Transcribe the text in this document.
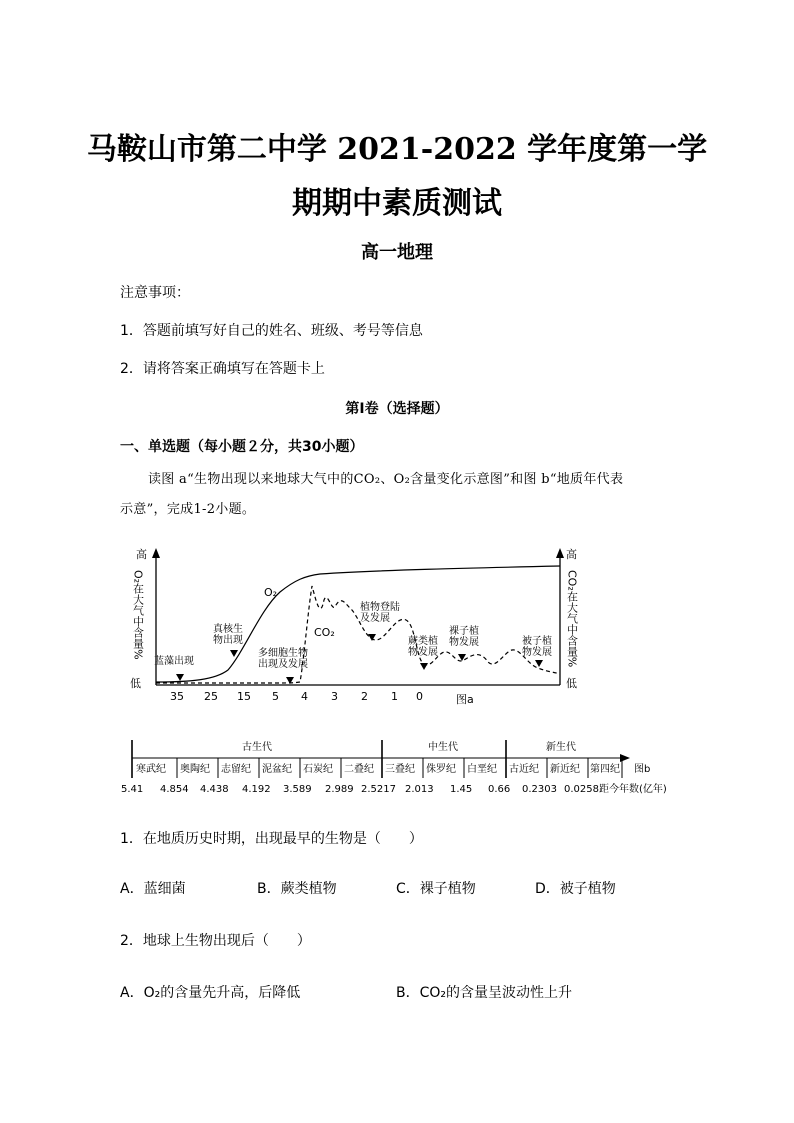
马鞍山市第二中学 2021-2022 学年度第一学
期期中素质测试
高一地理
注意事项：
1．答题前填写好自己的姓名、班级、考号等信息
2．请将答案正确填写在答题卡上
第Ⅰ卷（选择题）
一、单选题（每小题２分，共30小题）
读图 a“生物出现以来地球大气中的CO₂、O₂含量变化示意图”和图 b“地质年代表
示意”，完成1-2小题。
高
低
高
低
O₂在大气中含量%	CO₂在大气中含量%
O₂
CO₂
蓝藻出现
真核生物出现
多细胞生物出现及发展
植物登陆及发展
蕨类植物发展
裸子植物发展	被子植物发展
35 25 15 5 4 3 2 1 0	图a
古生代	中生代	新生代
寒武纪 奥陶纪 志留纪 泥盆纪 石炭纪 二叠纪 三叠纪 侏罗纪 白垩纪 古近纪 新近纪 第四纪 图b
5.41 4.854 4.438 4.192 3.589 2.989 2.5217 2.013 1.45 0.66 0.2303 0.0258距今年数(亿年)
1．在地质历史时期，出现最早的生物是（　　）
A．蓝细菌	B．蕨类植物	C．裸子植物	D．被子植物
2．地球上生物出现后（　　）
A．O₂的含量先升高，后降低	B．CO₂的含量呈波动性上升
